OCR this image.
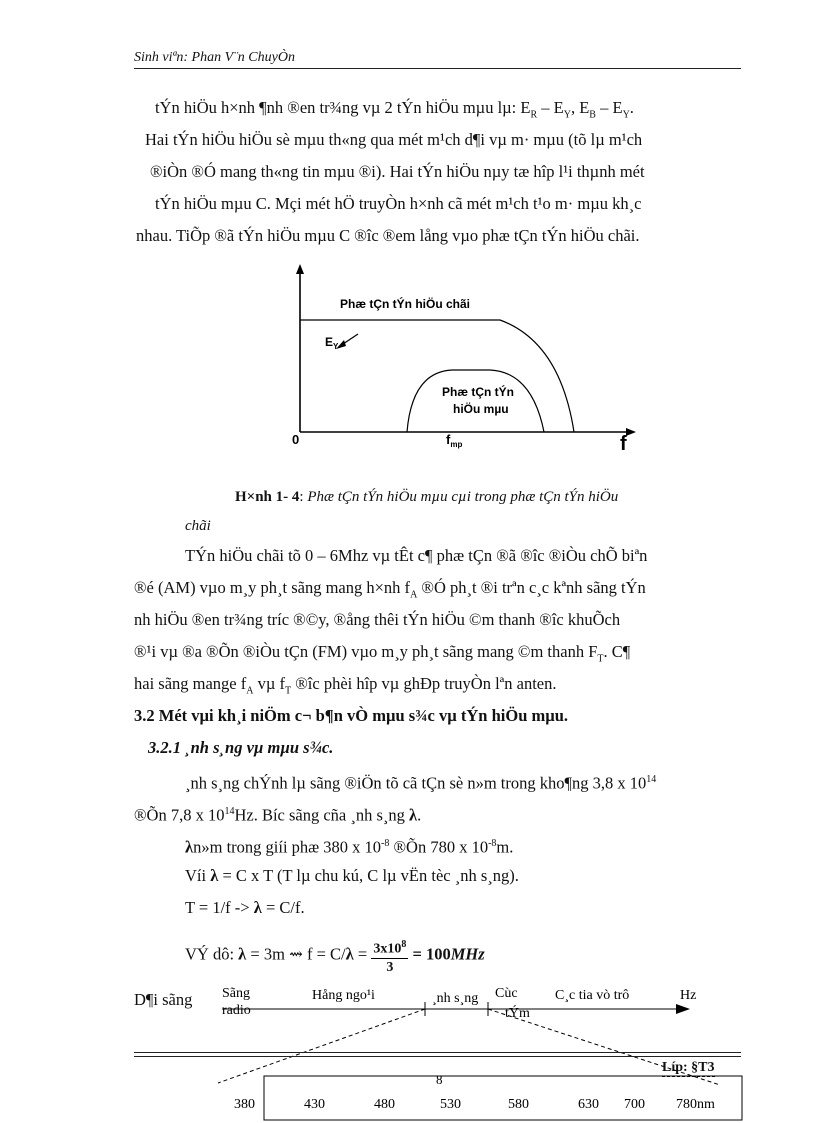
Sinh viªn: Phan V¨n ChuyÒn
tÝn hiÖu h×nh ¶nh ®en tr¾ng vµ 2 tÝn hiÖu mµu lµ: $E_R - E_Y$, $E_B - E_Y$.
Hai tÝn hiÖu hiÖu sè mµu th«ng qua mét m¹ch d¶i vµ m· mµu (tõ lµ m¹ch
®iÒn ®Ó mang th«ng tin mµu ®i). Hai tÝn hiÖu nµy tæ hîp l¹i thµnh mét
tÝn hiÖu mµu C. Mçi mét hÖ truyÒn h×nh cã mét m¹ch t¹o m· mµu kh¸c
nhau. TiÕp ®ã tÝn hiÖu mµu C ®îc ®em lång vµo phæ tÇn tÝn hiÖu chãi.
Phæ tÇn tÝn hiÖu chãi
$E_Y$
Phæ tÇn tÝn
hiÖu mµu
0	$f_{mp}$	f
H×nh 1- 4: Phæ tÇn tÝn hiÖu mµu cµi trong phæ tÇn tÝn hiÖu
chãi
TÝn hiÖu chãi tõ 0 – 6Mhz vµ tÊt c¶ phæ tÇn ®ã ®îc ®iÒu chÕ biªn
®é (AM) vµo m¸y ph¸t sãng mang h×nh $f_A$ ®Ó ph¸t ®i trªn c¸c kªnh sãng tÝn
nh hiÖu ®en tr¾ng tríc ®©y, ®ång thêi tÝn hiÖu ©m thanh ®îc khuÕch
®¹i vµ ®a ®Õn ®iÒu tÇn (FM) vµo m¸y ph¸t sãng mang ©m thanh $F_T$. C¶
hai sãng mange $f_A$ vµ $f_T$ ®îc phèi hîp vµ ghÐp truyÒn lªn anten.
3.2 Mét vµi kh¸i niÖm c¬ b¶n vÒ mµu s¾c vµ tÝn hiÖu mµu.
3.2.1 ¸nh s¸ng vµ mµu s¾c.
¸nh s¸ng chÝnh lµ sãng ®iÖn tõ cã tÇn sè n»m trong kho¶ng 3,8 x $10^{14}$
®Õn 7,8 x $10^{14}Hz$. Bíc sãng cña ¸nh s¸ng λ.
λn»m trong giíi phæ 380 x $10^{-8}$ ®Õn 780 x $10^{-8}m$.
Víi λ = C x T (T lµ chu kú, C lµ vËn tèc ¸nh s¸ng).
T = 1/f -> λ = C/f.
VÝ dô: λ = 3m ⇝ $f = C/\lambda = \frac{3x10^8}{3} = 100MHz$
D¶i sãng Sãng
radio
Hång ngo¹i	¸nh s¸ng Cùc
tÝm
C¸c tia vò trô	Hz
8
380	430	480	530	580	630 700 780nm
Líp: §T3
